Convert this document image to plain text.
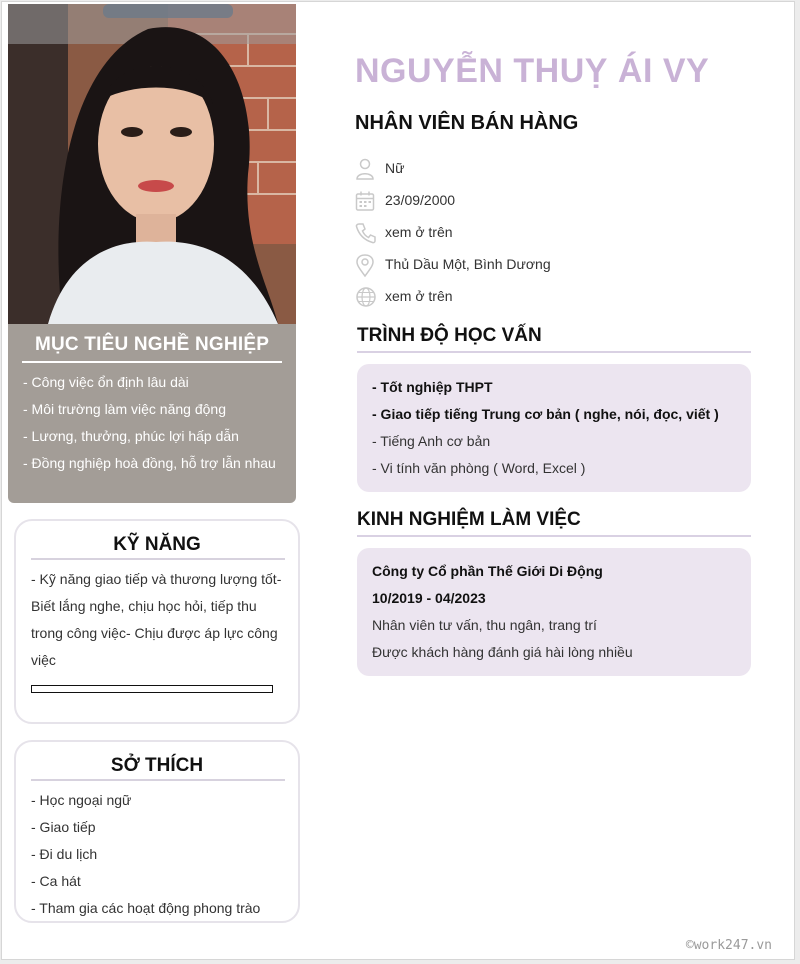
MỤC TIÊU NGHỀ NGHIỆP
- Công việc ổn định lâu dài
- Môi trường làm việc năng động
- Lương, thưởng, phúc lợi hấp dẫn
- Đồng nghiệp hoà đồng, hỗ trợ lẫn nhau
KỸ NĂNG

- Kỹ năng giao tiếp và thương lượng tốt- Biết lắng nghe, chịu học hỏi, tiếp thu trong công việc- Chịu được áp lực công việc

SỞ THÍCH
- Học ngoại ngữ
- Giao tiếp
- Đi du lịch
- Ca hát
- Tham gia các hoạt động phong trào
NGUYỄN THUỴ ÁI VY
NHÂN VIÊN BÁN HÀNG
Nữ
23/09/2000
xem ở trên
Thủ Dầu Một, Bình Dương
xem ở trên
TRÌNH ĐỘ HỌC VẤN
- Tốt nghiệp THPT
- Giao tiếp tiếng Trung cơ bản ( nghe, nói, đọc, viết )
- Tiếng Anh cơ bản
- Vi tính văn phòng ( Word, Excel )
KINH NGHIỆM LÀM VIỆC
Công ty Cổ phần Thế Giới Di Động
10/2019 - 04/2023
Nhân viên tư vấn, thu ngân, trang trí
Được khách hàng đánh giá hài lòng nhiều
©work247.vn
